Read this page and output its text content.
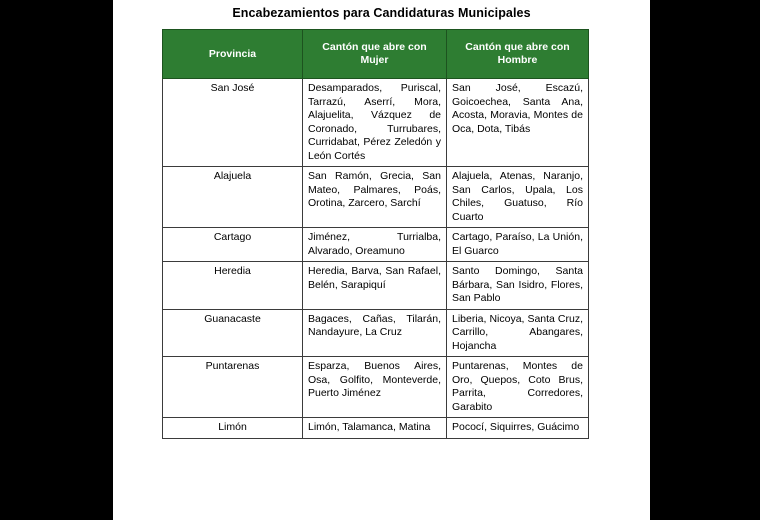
Encabezamientos para Candidaturas Municipales
Provincia	Cantón que abre con Mujer	Cantón que abre con Hombre
San José	Desamparados, Puriscal, Tarrazú, Aserrí, Mora, Alajuelita, Vázquez de Coronado, Turrubares, Curridabat, Pérez Zeledón y León Cortés	San José, Escazú, Goicoechea, Santa Ana, Acosta, Moravia, Montes de Oca, Dota, Tibás

Alajuela	San Ramón, Grecia, San Mateo, Palmares, Poás, Orotina, Zarcero, Sarchí	Alajuela, Atenas, Naranjo, San Carlos, Upala, Los Chiles, Guatuso, Río Cuarto

Cartago	Jiménez, Turrialba, Alvarado, Oreamuno	Cartago, Paraíso, La Unión, El Guarco

Heredia	Heredia, Barva, San Rafael, Belén, Sarapiquí	Santo Domingo, Santa Bárbara, San Isidro, Flores, San Pablo

Guanacaste	Bagaces, Cañas, Tilarán, Nandayure, La Cruz	Liberia, Nicoya, Santa Cruz, Carrillo, Abangares, Hojancha

Puntarenas	Esparza, Buenos Aires, Osa, Golfito, Monteverde, Puerto Jiménez	Puntarenas, Montes de Oro, Quepos, Coto Brus, Parrita, Corredores, Garabito

Limón	Limón, Talamanca, Matina	Pococí, Siquirres, Guácimo
